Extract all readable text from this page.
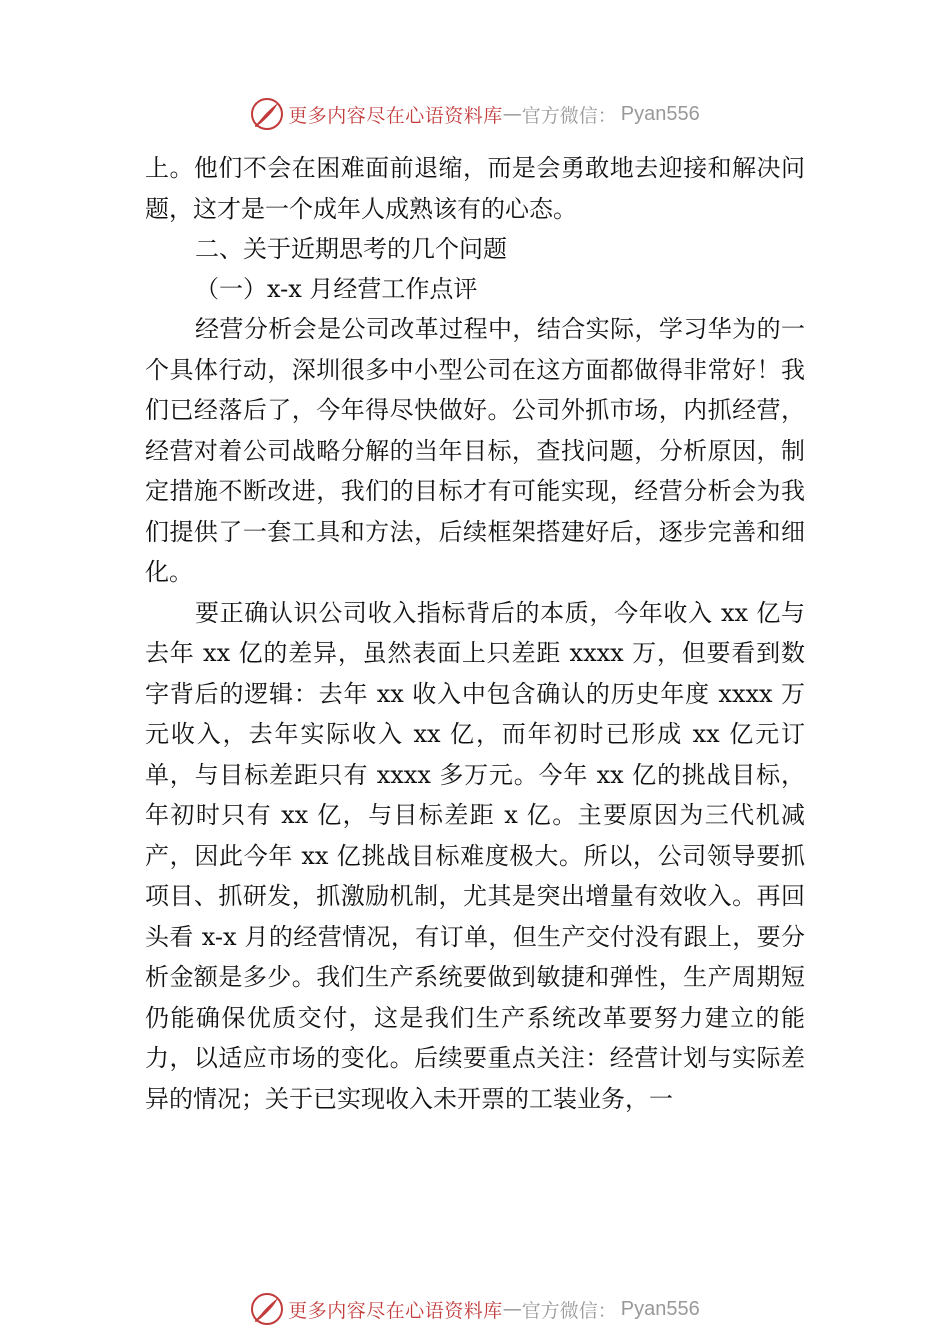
更多内容尽在心语资料库 — 官方微信： Pyan556

上。他们不会在困难面前退缩，而是会勇敢地去迎接和解决问题，这才是一个成年人成熟该有的心态。

二、关于近期思考的几个问题

（一）x-x 月经营工作点评

经营分析会是公司改革过程中，结合实际，学习华为的一个具体行动，深圳很多中小型公司在这方面都做得非常好！我们已经落后了，今年得尽快做好。公司外抓市场，内抓经营，经营对着公司战略分解的当年目标，查找问题，分析原因，制定措施不断改进，我们的目标才有可能实现，经营分析会为我们提供了一套工具和方法，后续框架搭建好后，逐步完善和细化。

要正确认识公司收入指标背后的本质，今年收入 xx 亿与去年 xx 亿的差异，虽然表面上只差距 xxxx 万，但要看到数字背后的逻辑：去年 xx 收入中包含确认的历史年度 xxxx 万元收入，去年实际收入 xx 亿，而年初时已形成 xx 亿元订单，与目标差距只有 xxxx 多万元。今年 xx 亿的挑战目标，年初时只有 xx 亿，与目标差距 x 亿。主要原因为三代机减产，因此今年 xx 亿挑战目标难度极大。所以，公司领导要抓项目、抓研发，抓激励机制，尤其是突出增量有效收入。再回头看 x-x 月的经营情况，有订单，但生产交付没有跟上，要分析金额是多少。我们生产系统要做到敏捷和弹性，生产周期短仍能确保优质交付，这是我们生产系统改革要努力建立的能力，以适应市场的变化。后续要重点关注：经营计划与实际差异的情况；关于已实现收入未开票的工装业务，一

更多内容尽在心语资料库 — 官方微信： Pyan556
